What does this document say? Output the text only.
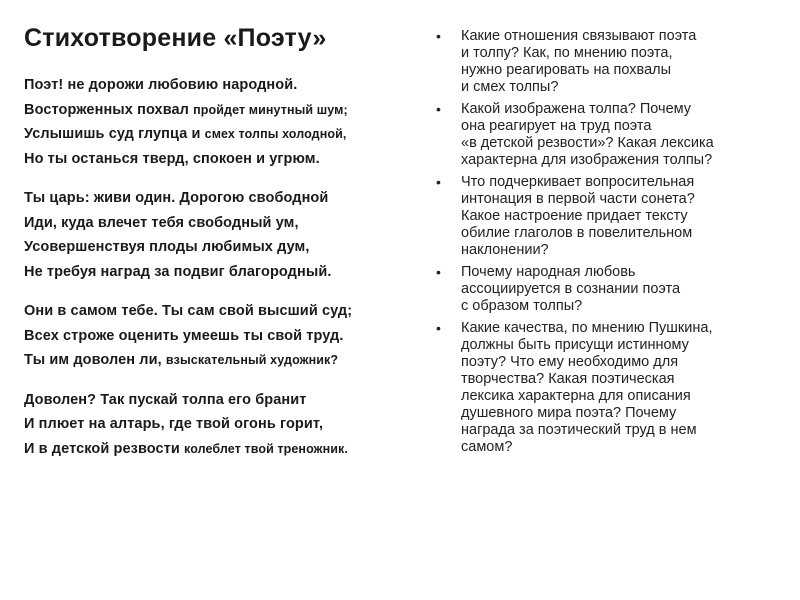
Стихотворение «Поэту»
Поэт! не дорожи любовию народной.
Восторженных похвал пройдет минутный шум;
Услышишь суд глупца и смех толпы холодной,
Но ты останься тверд, спокоен и угрюм.
Ты царь: живи один. Дорогою свободной
Иди, куда влечет тебя свободный ум,
Усовершенствуя плоды любимых дум,
Не требуя наград за подвиг благородный.
Они в самом тебе. Ты сам свой высший суд;
Всех строже оценить умеешь ты свой труд.
Ты им доволен ли, взыскательный художник?
Доволен? Так пускай толпа его бранит
И плюет на алтарь, где твой огонь горит,
И в детской резвости колеблет твой треножник.
• Какие отношения связывают поэта
и толпу? Как, по мнению поэта,
нужно реагировать на похвалы
и смех толпы?
• Какой изображена толпа? Почему
она реагирует на труд поэта
«в детской резвости»? Какая лексика
характерна для изображения толпы?
• Что подчеркивает вопросительная
интонация в первой части сонета?
Какое настроение придает тексту
обилие глаголов в повелительном
наклонении?
• Почему народная любовь
ассоциируется в сознании поэта
с образом толпы?
• Какие качества, по мнению Пушкина,
должны быть присущи истинному
поэту? Что ему необходимо для
творчества? Какая поэтическая
лексика характерна для описания
душевного мира поэта? Почему
награда за поэтический труд в нем
самом?
